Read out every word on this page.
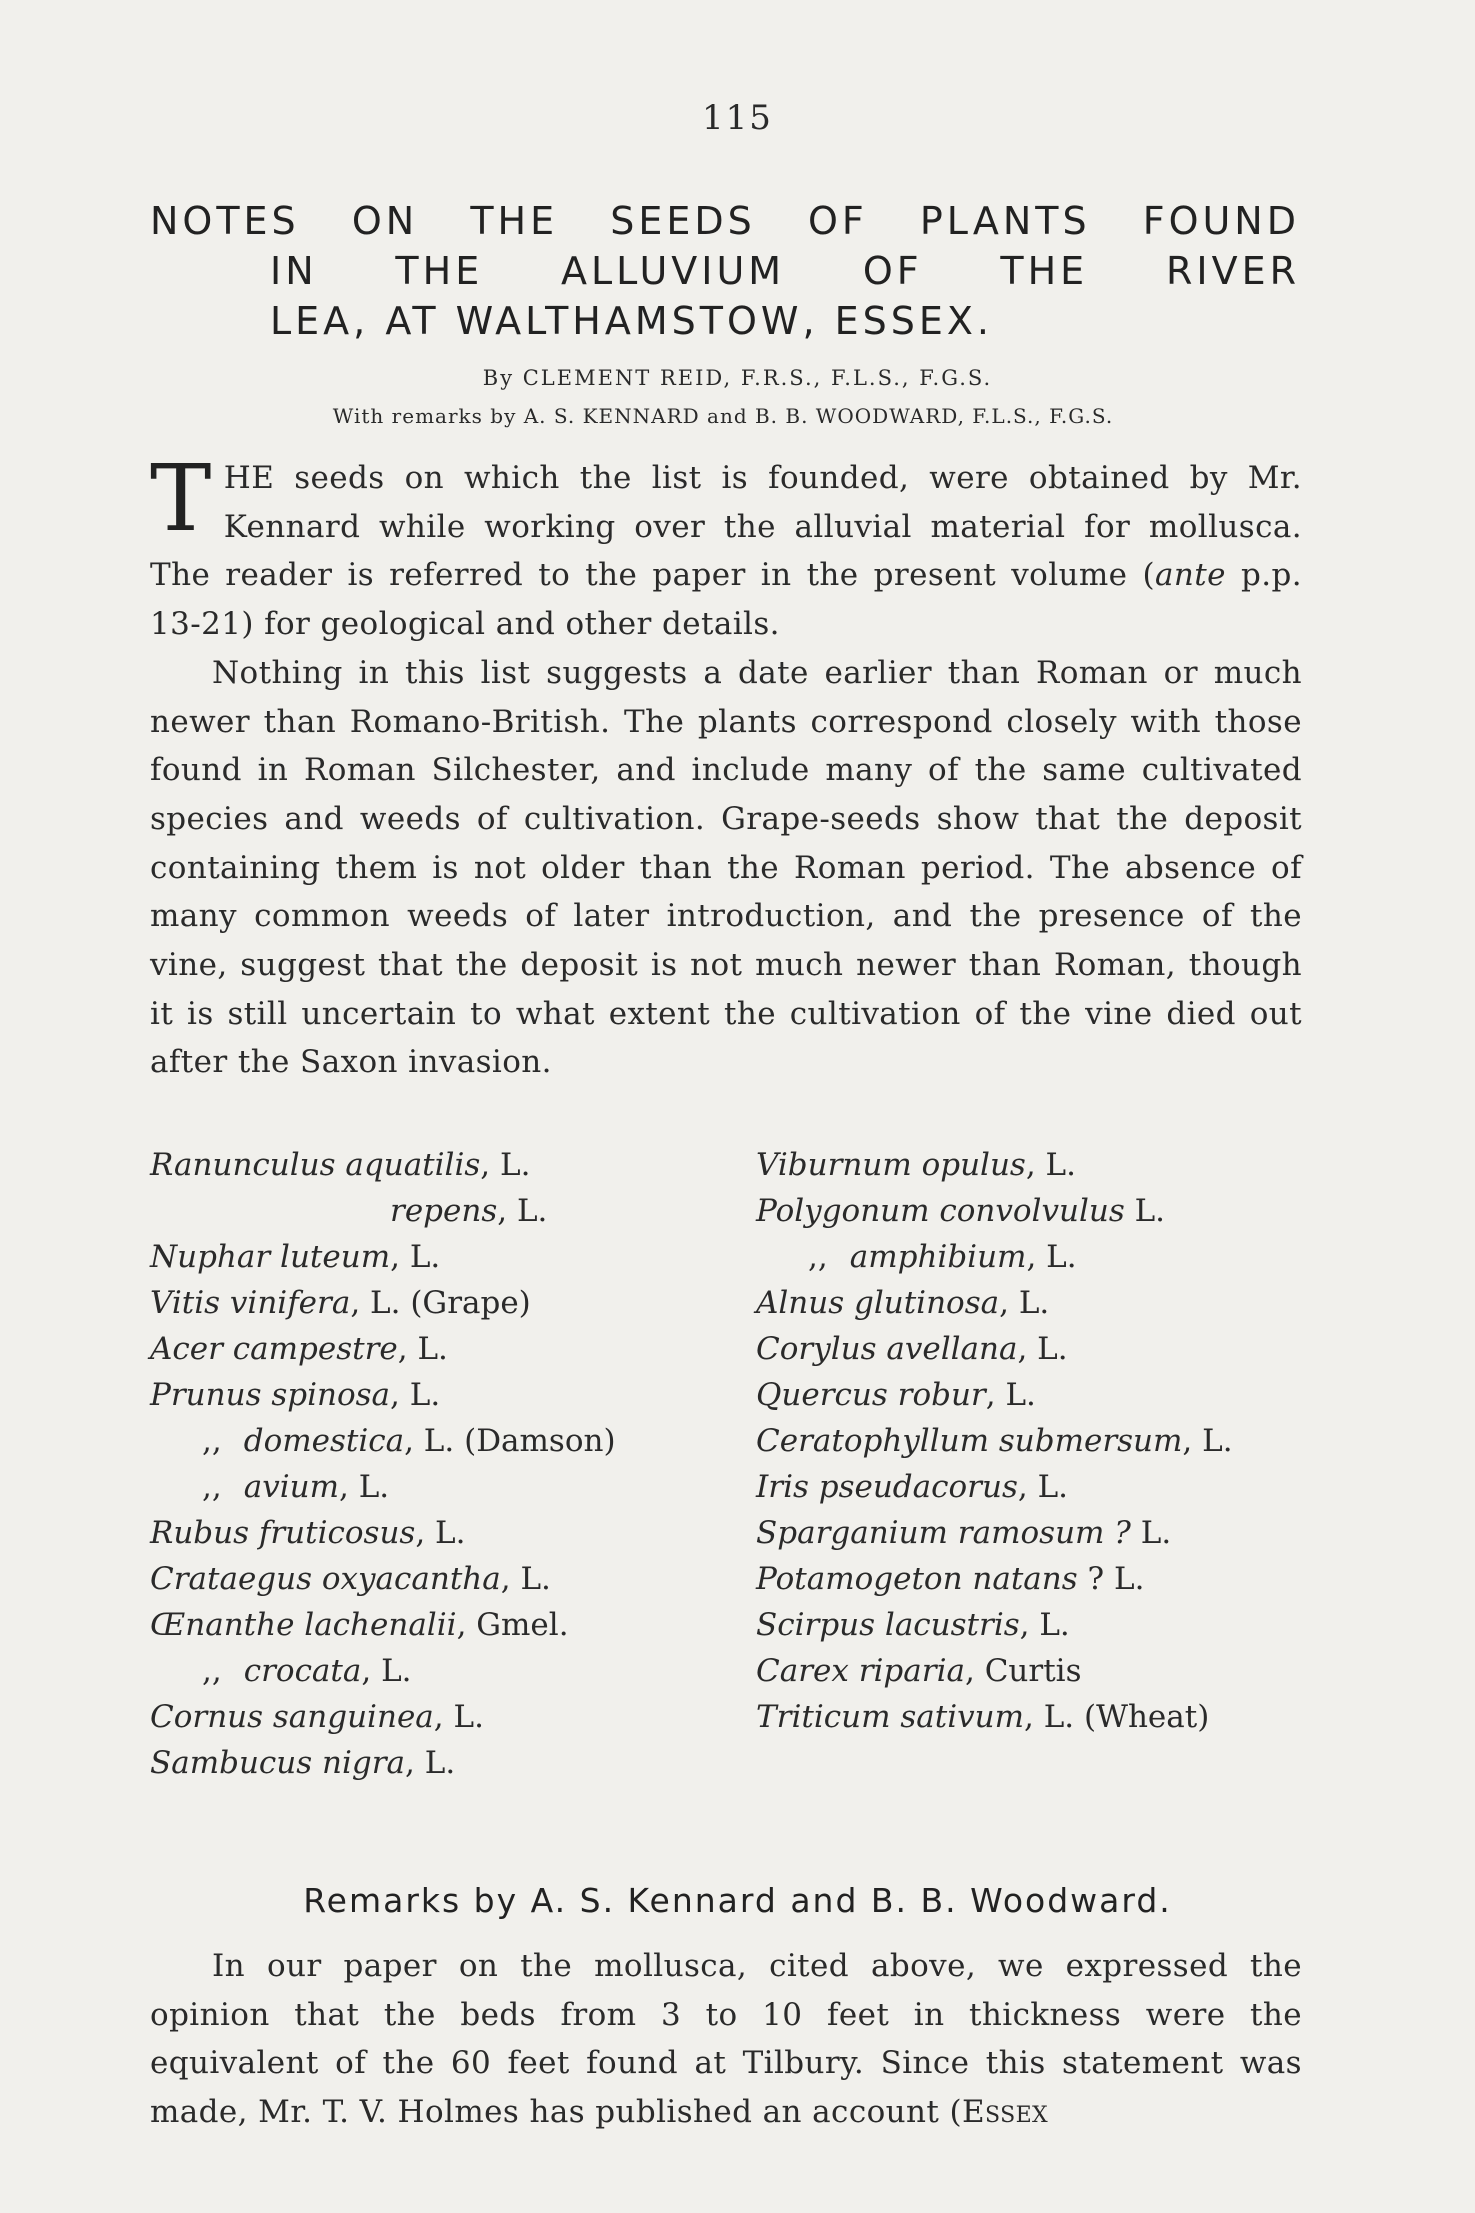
115
NOTES ON THE SEEDS OF PLANTS FOUND
IN THE ALLUVIUM OF THE RIVER
LEA, AT WALTHAMSTOW, ESSEX.
By CLEMENT REID, F.R.S., F.L.S., F.G.S.
With remarks by A. S. KENNARD and B. B. WOODWARD, F.L.S., F.G.S.

THE seeds on which the list is founded, were obtained by Mr. Kennard while working over the alluvial material for mollusca. The reader is referred to the paper in the present volume (ante p.p. 13-21) for geological and other details.

Nothing in this list suggests a date earlier than Roman or much newer than Romano-British. The plants correspond closely with those found in Roman Silchester, and include many of the same cultivated species and weeds of cultivation. Grape-seeds show that the deposit containing them is not older than the Roman period. The absence of many common weeds of later introduction, and the presence of the vine, suggest that the deposit is not much newer than Roman, though it is still uncertain to what extent the cultivation of the vine died out after the Saxon invasion.

Ranunculus aquatilis, L.
repens, L.
Nuphar luteum, L.
Vitis vinifera, L. (Grape)
Acer campestre, L.
Prunus spinosa, L.
,, domestica, L. (Damson)
,, avium, L.
Rubus fruticosus, L.
Crataegus oxyacantha, L.
Œnanthe lachenalii, Gmel.
,, crocata, L.
Cornus sanguinea, L.
Sambucus nigra, L.
Viburnum opulus, L.
Polygonum convolvulus L.
,, amphibium, L.
Alnus glutinosa, L.
Corylus avellana, L.
Quercus robur, L.
Ceratophyllum submersum, L.
Iris pseudacorus, L.
Sparganium ramosum ? L.
Potamogeton natans ? L.
Scirpus lacustris, L.
Carex riparia, Curtis
Triticum sativum, L. (Wheat)
Remarks by A. S. Kennard and B. B. Woodward.

In our paper on the mollusca, cited above, we expressed the opinion that the beds from 3 to 10 feet in thickness were the equivalent of the 60 feet found at Tilbury. Since this statement was made, Mr. T. V. Holmes has published an account (Essex
